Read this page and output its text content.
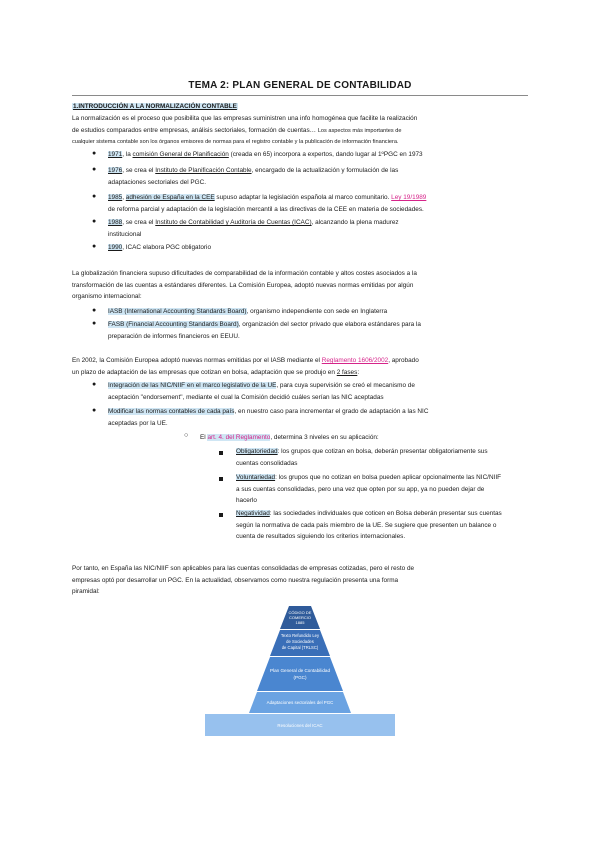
TEMA 2: PLAN GENERAL DE CONTABILIDAD
1.INTRODUCCIÓN A LA NORMALIZACIÓN CONTABLE

La normalización es el proceso que posibilita que las empresas suministren una info homogénea que facilite la realización

de estudios comparados entre empresas, análisis sectoriales, formación de cuentas… Los aspectos más importantes de

cualquier sistema contable son los órganos emisores de normas para el registro contable y la publicación de información financiera.

● 1971, la comisión General de Planificación (creada en 65) incorpora a expertos, dando lugar al 1ºPGC en 1973
● 1976, se crea el Instituto de Planificación Contable, encargado de la actualización y formulación de las
adaptaciones sectoriales del PGC.
● 1985, adhesión de España en la CEE supuso adaptar la legislación española al marco comunitario. Ley 19/1989
de reforma parcial y adaptación de la legislación mercantil a las directivas de la CEE en materia de sociedades.
● 1988, se crea el Instituto de Contabilidad y Auditoría de Cuentas (ICAC), alcanzando la plena madurez
institucional
● 1990, ICAC elabora PGC obligatorio

La globalización financiera supuso dificultades de comparabilidad de la información contable y altos costes asociados a la

transformación de las cuentas a estándares diferentes. La Comisión Europea, adoptó nuevas normas emitidas por algún

organismo internacional:

● IASB (International Accounting Standards Board), organismo independiente con sede en Inglaterra
● FASB (Financial Accounting Standards Board), organización del sector privado que elabora estándares para la
preparación de informes financieros en EEUU.

En 2002, la Comisión Europea adoptó nuevas normas emitidas por el IASB mediante el Reglamento 1606/2002, aprobado

un plazo de adaptación de las empresas que cotizan en bolsa, adaptación que se produjo en 2 fases:

● Integración de las NIC/NIIF en el marco legislativo de la UE, para cuya supervisión se creó el mecanismo de
aceptación "endorsement", mediante el cual la Comisión decidió cuáles serían las NIC aceptadas
● Modificar las normas contables de cada país, en nuestro caso para incrementar el grado de adaptación a las NIC
aceptadas por la UE.
○ El art. 4. del Reglamento, determina 3 niveles en su aplicación:
Obligatoriedad: los grupos que cotizan en bolsa, deberán presentar obligatoriamente sus
cuentas consolidadas
Voluntariedad: los grupos que no cotizan en bolsa pueden aplicar opcionalmente las NIC/NIIF
a sus cuentas consolidadas, pero una vez que opten por su app, ya no pueden dejar de
hacerlo
Negatividad: las sociedades individuales que coticen en Bolsa deberán presentar sus cuentas
según la normativa de cada país miembro de la UE. Se sugiere que presenten un balance o
cuenta de resultados siguiendo los criterios internacionales.

Por tanto, en España las NIC/NIIF son aplicables para las cuentas consolidadas de empresas cotizadas, pero el resto de

empresas optó por desarrollar un PGC. En la actualidad, observamos como nuestra regulación presenta una forma

piramidal:

CÓDIGO DE
COMERCIO
1885
Texto Refundido Ley
de Sociedades
de Capital (TRLSC)
Plan General de Contabilidad
(PGC)
Adaptaciones sectoriales del PGC
Resoluciones del ICAC
